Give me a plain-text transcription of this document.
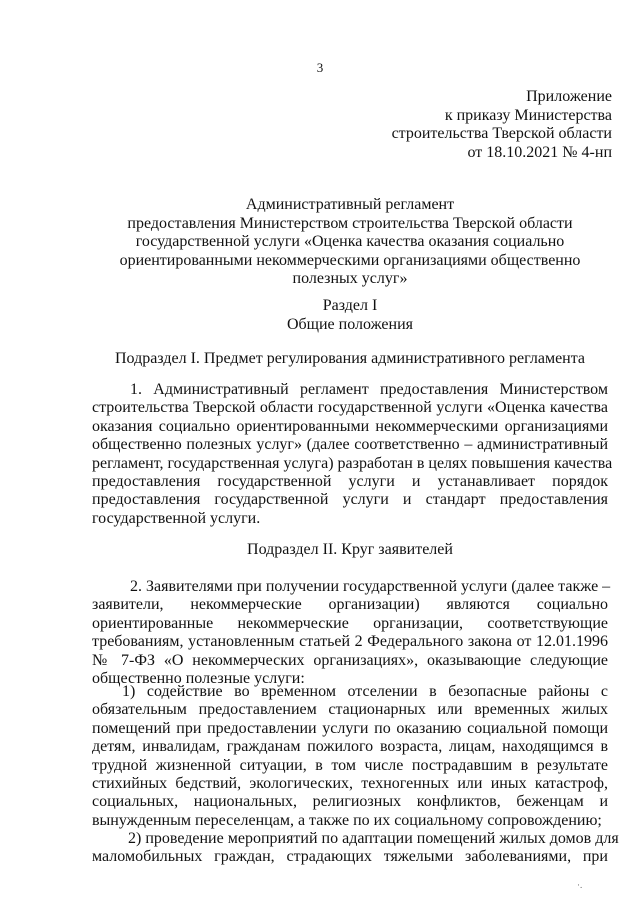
3
Приложение
к приказу Министерства
строительства Тверской области
от 18.10.2021 № 4-нп
Административный регламент
предоставления Министерством строительства Тверской области
государственной услуги «Оценка качества оказания социально
ориентированными некоммерческими организациями общественно
полезных услуг»
Раздел I
Общие положения
Подраздел I. Предмет регулирования административного регламента
1. Административный регламент предоставления Министерством
строительства Тверской области государственной услуги «Оценка качества
оказания социально ориентированными некоммерческими организациями
общественно полезных услуг» (далее соответственно – административный
регламент, государственная услуга) разработан в целях повышения качества
предоставления государственной услуги и устанавливает порядок
предоставления государственной услуги и стандарт предоставления
государственной услуги.
Подраздел II. Круг заявителей
2. Заявителями при получении государственной услуги (далее также –
заявители, некоммерческие организации) являются социально
ориентированные некоммерческие организации, соответствующие
требованиям, установленным статьей 2 Федерального закона от 12.01.1996
№ 7-ФЗ «О некоммерческих организациях», оказывающие следующие
общественно полезные услуги:
1) содействие во временном отселении в безопасные районы с
обязательным предоставлением стационарных или временных жилых
помещений при предоставлении услуги по оказанию социальной помощи
детям, инвалидам, гражданам пожилого возраста, лицам, находящимся в
трудной жизненной ситуации, в том числе пострадавшим в результате
стихийных бедствий, экологических, техногенных или иных катастроф,
социальных, национальных, религиозных конфликтов, беженцам и
вынужденным переселенцам, а также по их социальному сопровождению;
2) проведение мероприятий по адаптации помещений жилых домов для
маломобильных граждан, страдающих тяжелыми заболеваниями, при
·.
